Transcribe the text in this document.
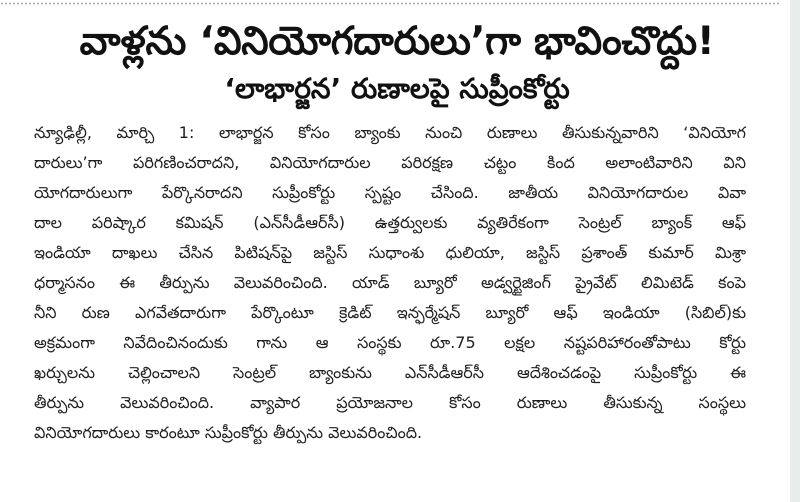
వాళ్లను ‘వినియోగదారులు’గా భావించొద్దు!
‘లాభార్జన’ రుణాలపై సుప్రీంకోర్టు
న్యూఢిల్లీ, మార్చి 1: లాభార్జన కోసం బ్యాంకు నుంచి రుణాలు తీసుకున్నవారిని ‘వినియోగ
దారులు’గా పరిగణించరాదని, వినియోగదారుల పరిరక్షణ చట్టం కింద అలాంటివారిని విని
యోగదారులుగా పేర్కొనరాదని సుప్రీంకోర్టు స్పష్టం చేసింది. జాతీయ వినియోగదారుల వివా
దాల పరిష్కార కమిషన్ (ఎన్‌సీడీఆర్‌సీ) ఉత్తర్వులకు వ్యతిరేకంగా సెంట్రల్ బ్యాంక్ ఆఫ్
ఇండియా దాఖలు చేసిన పిటిషన్‌పై జస్టిస్ సుధాంశు ధులియా, జస్టిస్ ప్రశాంత్ కుమార్ మిశ్రా
ధర్మాసనం ఈ తీర్పును వెలువరించింది. యాడ్ బ్యూరో అడ్వర్టైజింగ్ ప్రైవేట్ లిమిటెడ్ కంపె
నీని రుణ ఎగవేతదారుగా పేర్కొంటూ క్రెడిట్ ఇన్ఫర్మేషన్ బ్యూరో ఆఫ్ ఇండియా (సిబిల్)కు
అక్రమంగా నివేదించినందుకు గాను ఆ సంస్థకు రూ.75 లక్షల నష్టపరిహారంతోపాటు కోర్టు
ఖర్చులను చెల్లించాలని సెంట్రల్ బ్యాంకును ఎన్‌సీడీఆర్‌సీ ఆదేశించడంపై సుప్రీంకోర్టు ఈ
తీర్పును వెలువరించింది. వ్యాపార ప్రయోజనాల కోసం రుణాలు తీసుకున్న సంస్థలు
వినియోగదారులు కారంటూ సుప్రీంకోర్టు తీర్పును వెలువరించింది.
